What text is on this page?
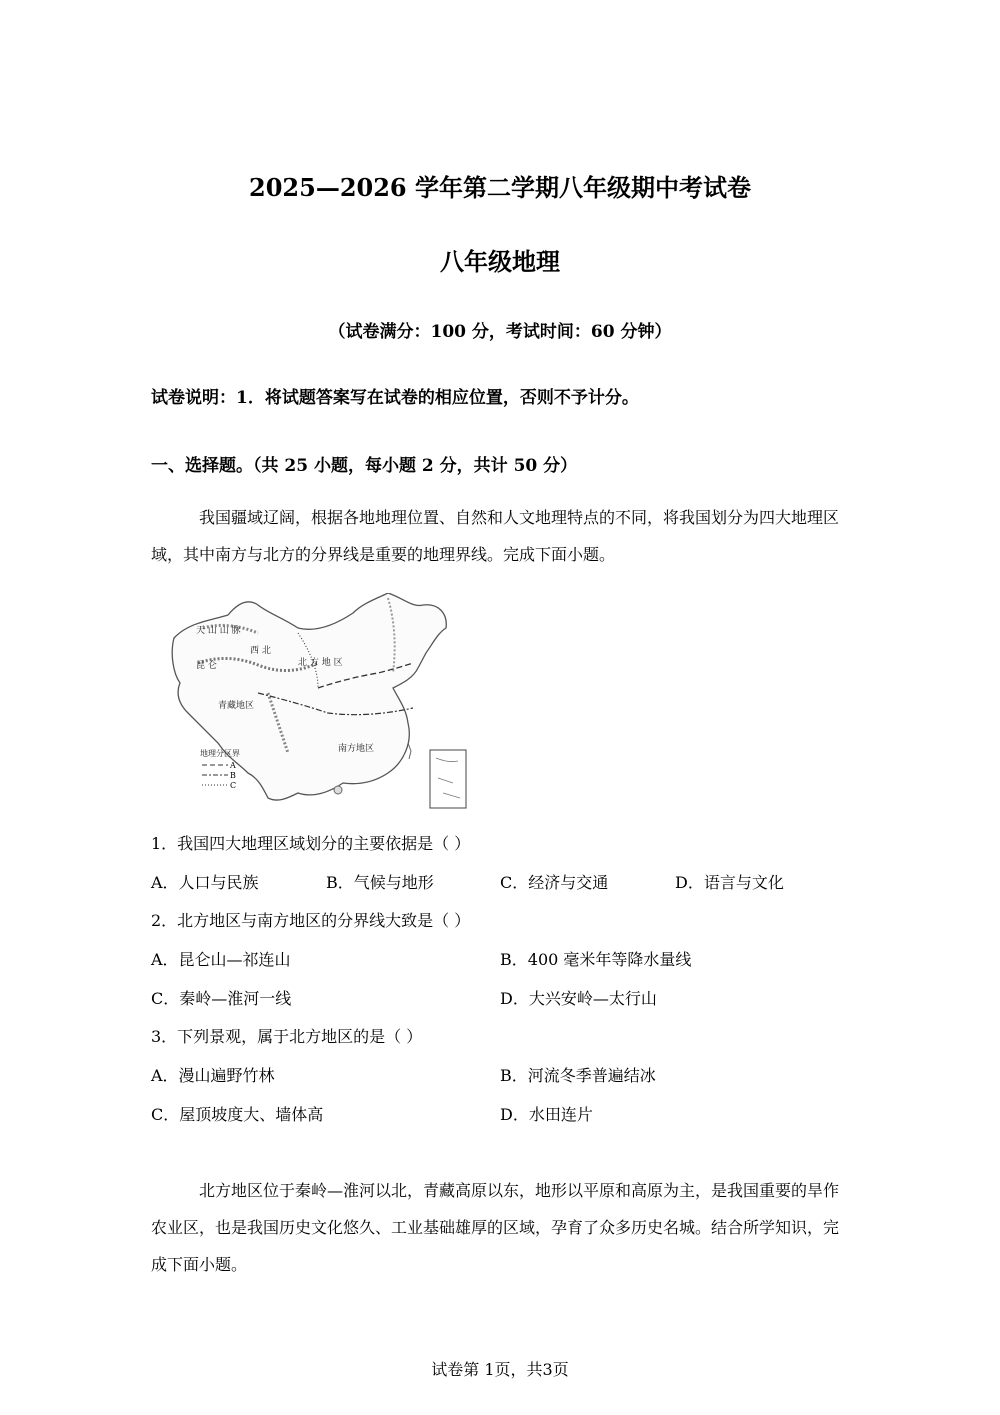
2025—2026 学年第二学期八年级期中考试卷
八年级地理
（试卷满分：100 分，考试时间：60 分钟）
试卷说明：1．将试题答案写在试卷的相应位置，否则不予计分。
一、选择题。（共 25 小题，每小题 2 分，共计 50 分）
我国疆域辽阔，根据各地地理位置、自然和人文地理特点的不同，将我国划分为四大地理区域，其中南方与北方的分界线是重要的地理界线。完成下面小题。
天 山 山 脉
昆 仑
西 北
北 方 地 区
青藏地区
南方地区
地理分区界
A
B
C
1．我国四大地理区域划分的主要依据是（ ）
A．人口与民族	B．气候与地形	C．经济与交通	D．语言与文化
2．北方地区与南方地区的分界线大致是（ ）
A．昆仑山—祁连山	B．400 毫米年等降水量线
C．秦岭—淮河一线	D．大兴安岭—太行山
3．下列景观，属于北方地区的是（ ）
A．漫山遍野竹林	B．河流冬季普遍结冰
C．屋顶坡度大、墙体高	D．水田连片
北方地区位于秦岭—淮河以北，青藏高原以东，地形以平原和高原为主，是我国重要的旱作农业区，也是我国历史文化悠久、工业基础雄厚的区域，孕育了众多历史名城。结合所学知识，完成下面小题。
试卷第 1页，共3页
